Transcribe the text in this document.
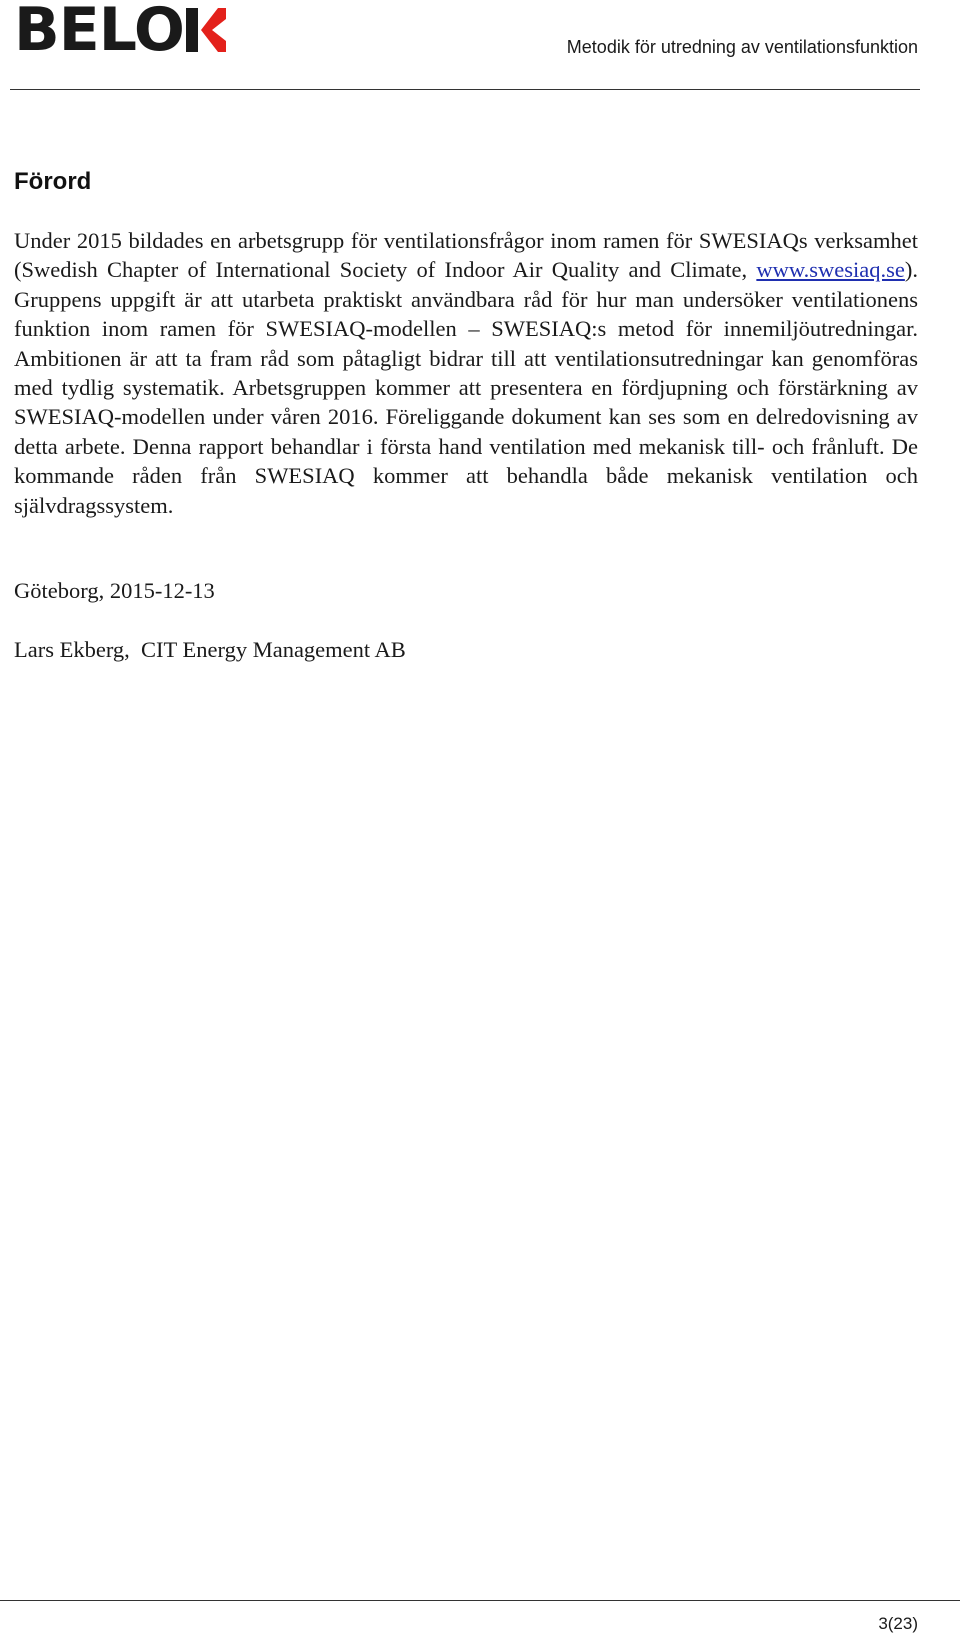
BELO	Metodik för utredning av ventilationsfunktion
Förord

Under 2015 bildades en arbetsgrupp för ventilationsfrågor inom ramen för SWESIAQs verksamhet (Swedish Chapter of International Society of Indoor Air Quality and Climate, www.swesiaq.se). Gruppens uppgift är att utarbeta praktiskt användbara råd för hur man undersöker ventilationens funktion inom ramen för SWESIAQ-modellen – SWESIAQ:s metod för innemiljöutredningar. Ambitionen är att ta fram råd som påtagligt bidrar till att ventilationsutredningar kan genomföras med tydlig systematik. Arbetsgruppen kommer att presentera en fördjupning och förstärkning av SWESIAQ-modellen under våren 2016. Föreliggande dokument kan ses som en delredovisning av detta arbete. Denna rapport behandlar i första hand ventilation med mekanisk till- och frånluft. De kommande råden från SWESIAQ kommer att behandla både mekanisk ventilation och självdragssystem.

Göteborg, 2015-12-13

Lars Ekberg,  CIT Energy Management AB

3(23)
